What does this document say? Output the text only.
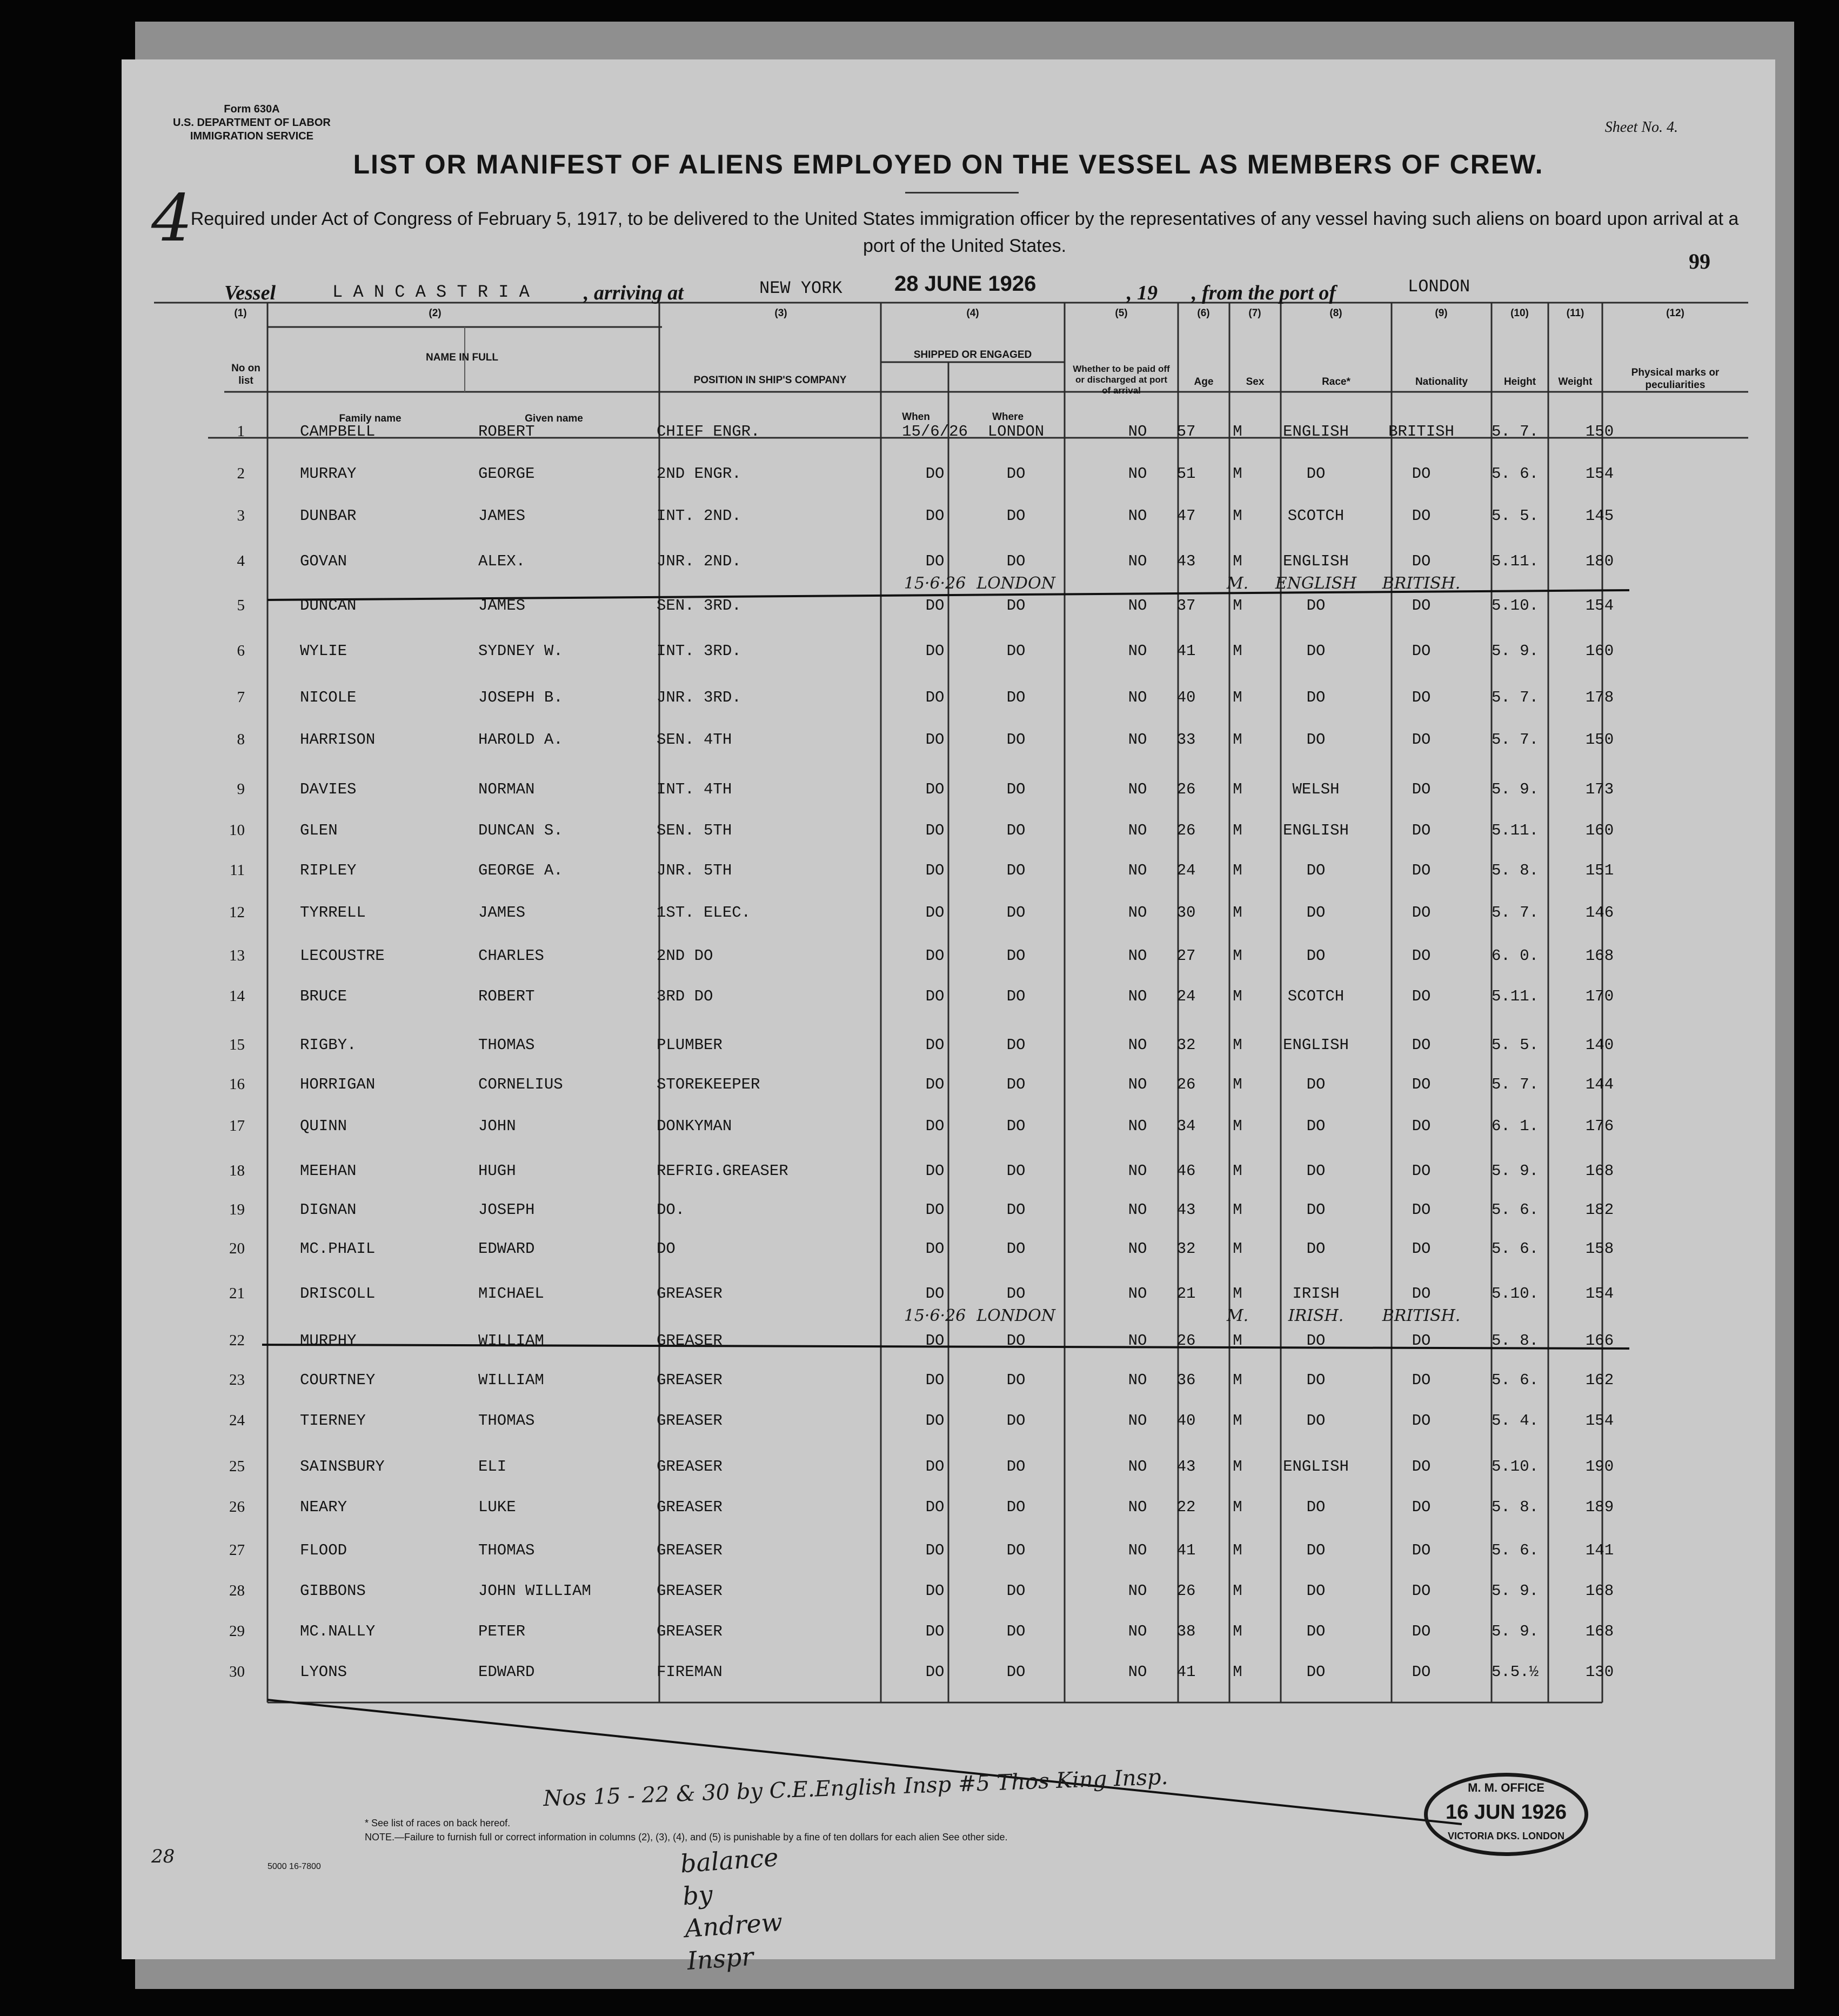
Form 630A
U.S. DEPARTMENT OF LABOR
IMMIGRATION SERVICE
Sheet No. 4.
LIST OR MANIFEST OF ALIENS EMPLOYED ON THE VESSEL AS MEMBERS OF CREW.
Required under Act of Congress of February 5, 1917, to be delivered to the United States immigration officer by the representatives of any vessel having such aliens on board upon arrival at a port of the United States.
99
4
Vessel	L A N C A S T R I A	, arriving at	NEW YORK 28 JUNE 1926	, 19 , from the port of	LONDON
(1)	(2)	(3)	(4)	(5)	(6)	(7)	(8)	(9)	(10)	(11)	(12)
No on list
NAME IN FULL
Family name	Given name
POSITION IN SHIP'S COMPANY
SHIPPED OR ENGAGED
When	Where
Whether to be paid off or discharged at port of arrival
Age	Sex	Race*	Nationality	Height	Weight
Physical marks or peculiarities
1	CAMPBELL	ROBERT	CHIEF ENGR.	15/6/26	LONDON	NO	57	M	ENGLISH	BRITISH	5. 7.	150
2	MURRAY	GEORGE	2ND ENGR.	DO	DO	NO	51	M	DO	DO	5. 6.	154
3	DUNBAR	JAMES	INT. 2ND.	DO	DO	NO	47	M	SCOTCH	DO	5. 5.	145
4	GOVAN	ALEX.	JNR. 2ND.	DO	DO	NO	43	M	ENGLISH	DO	5.11.	180
15·6·26 LONDON	M.	ENGLISH	BRITISH.
5	DUNCAN	JAMES	SEN. 3RD.	DO	DO	NO	37	M	DO	DO	5.10.	154
6	WYLIE	SYDNEY W.	INT. 3RD.	DO	DO	NO	41	M	DO	DO	5. 9.	160
7	NICOLE	JOSEPH B.	JNR. 3RD.	DO	DO	NO	40	M	DO	DO	5. 7.	178
8	HARRISON	HAROLD A.	SEN. 4TH	DO	DO	NO	33	M	DO	DO	5. 7.	150
9	DAVIES	NORMAN	INT. 4TH	DO	DO	NO	26	M	WELSH	DO	5. 9.	173
10	GLEN	DUNCAN S.	SEN. 5TH	DO	DO	NO	26	M	ENGLISH	DO	5.11.	160
11	RIPLEY	GEORGE A.	JNR. 5TH	DO	DO	NO	24	M	DO	DO	5. 8.	151
12	TYRRELL	JAMES	1ST. ELEC.	DO	DO	NO	30	M	DO	DO	5. 7.	146
13	LECOUSTRE	CHARLES	2ND DO	DO	DO	NO	27	M	DO	DO	6. 0.	168
14	BRUCE	ROBERT	3RD DO	DO	DO	NO	24	M	SCOTCH	DO	5.11.	170
15	RIGBY.	THOMAS	PLUMBER	DO	DO	NO	32	M	ENGLISH	DO	5. 5.	140
16	HORRIGAN	CORNELIUS	STOREKEEPER	DO	DO	NO	26	M	DO	DO	5. 7.	144
17	QUINN	JOHN	DONKYMAN	DO	DO	NO	34	M	DO	DO	6. 1.	176
18	MEEHAN	HUGH	REFRIG.GREASER	DO	DO	NO	46	M	DO	DO	5. 9.	168
19	DIGNAN	JOSEPH	DO.	DO	DO	NO	43	M	DO	DO	5. 6.	182
20	MC.PHAIL	EDWARD	DO	DO	DO	NO	32	M	DO	DO	5. 6.	158
21	DRISCOLL	MICHAEL	GREASER	DO	DO	NO	21	M	IRISH	DO	5.10.	154
15·6·26 LONDON	M.	IRISH.	BRITISH.
22	MURPHY	WILLIAM	GREASER	DO	DO	NO	26	M	DO	DO	5. 8.	166
23	COURTNEY	WILLIAM	GREASER	DO	DO	NO	36	M	DO	DO	5. 6.	162
24	TIERNEY	THOMAS	GREASER	DO	DO	NO	40	M	DO	DO	5. 4.	154
25	SAINSBURY	ELI	GREASER	DO	DO	NO	43	M	ENGLISH	DO	5.10.	190
26	NEARY	LUKE	GREASER	DO	DO	NO	22	M	DO	DO	5. 8.	189
27	FLOOD	THOMAS	GREASER	DO	DO	NO	41	M	DO	DO	5. 6.	141
28	GIBBONS	JOHN WILLIAM	GREASER	DO	DO	NO	26	M	DO	DO	5. 9.	168
29	MC.NALLY	PETER	GREASER	DO	DO	NO	38	M	DO	DO	5. 9.	168
30	LYONS	EDWARD	FIREMAN	DO	DO	NO	41	M	DO	DO	5.5.½	130
Nos 15 - 22 & 30 by C.E.English Insp #5 Thos King Insp.
balance by Andrew Inspr
28
* See list of races on back hereof.
NOTE.—Failure to furnish full or correct information in columns (2), (3), (4), and (5) is punishable by a fine of ten dollars for each alien See other side.
5000 16-7800
M. M. OFFICE
16 JUN 1926
VICTORIA DKS. LONDON
